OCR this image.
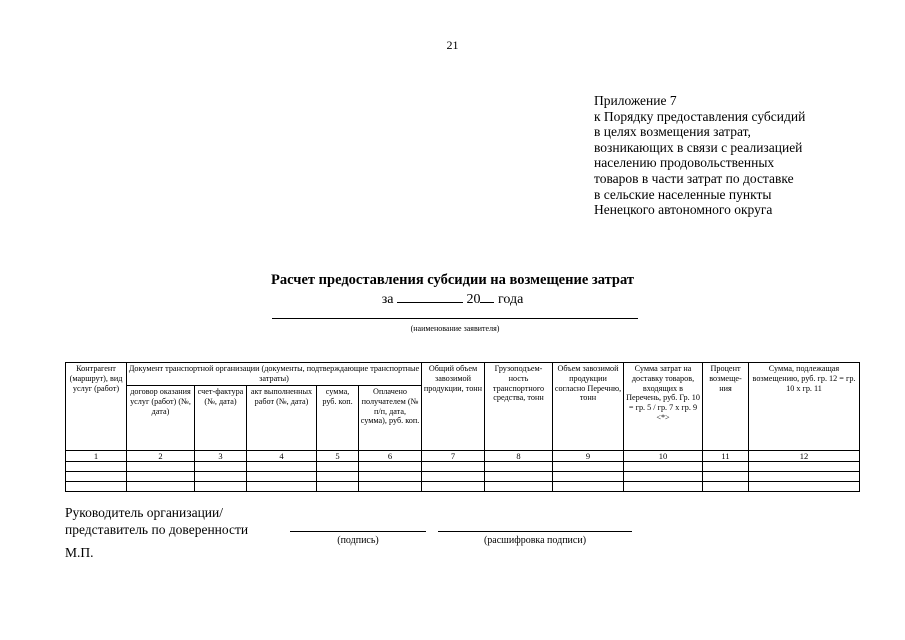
21
Приложение 7
к Порядку предоставления субсидий
в целях возмещения затрат,
возникающих в связи с реализацией
населению продовольственных
товаров в части затрат по доставке
в сельские населенные пункты
Ненецкого автономного округа
Расчет предоставления субсидии на возмещение затрат
за	20 года
(наименование заявителя)
Контрагент (маршрут), вид услуг (работ)	Документ транспортной организации (документы, подтверждающие транспортные затраты)					Общий объем завозимой продукции, тонн	Грузоподъем-ность транспортного средства, тонн	Объем завозимой продукции согласно Перечню, тонн	Сумма затрат на доставку товаров, входящих в Перечень, руб. Гр. 10 = гр. 5 / гр. 7 х гр. 9 <*>	Процент возмеще-ния	Сумма, подлежащая возмещению, руб. гр. 12 = гр. 10 х гр. 11
	договор оказания услуг (работ) (№, дата)	счет-фактура (№, дата)	акт выполненных работ (№, дата)	сумма, руб. коп.	Оплачено получателем (№ п/п, дата, сумма), руб. коп.						
1	2	3	4	5	6	7	8	9	10	11	12

Руководитель организации/
представитель по доверенности
(подпись)	(расшифровка подписи)
М.П.
